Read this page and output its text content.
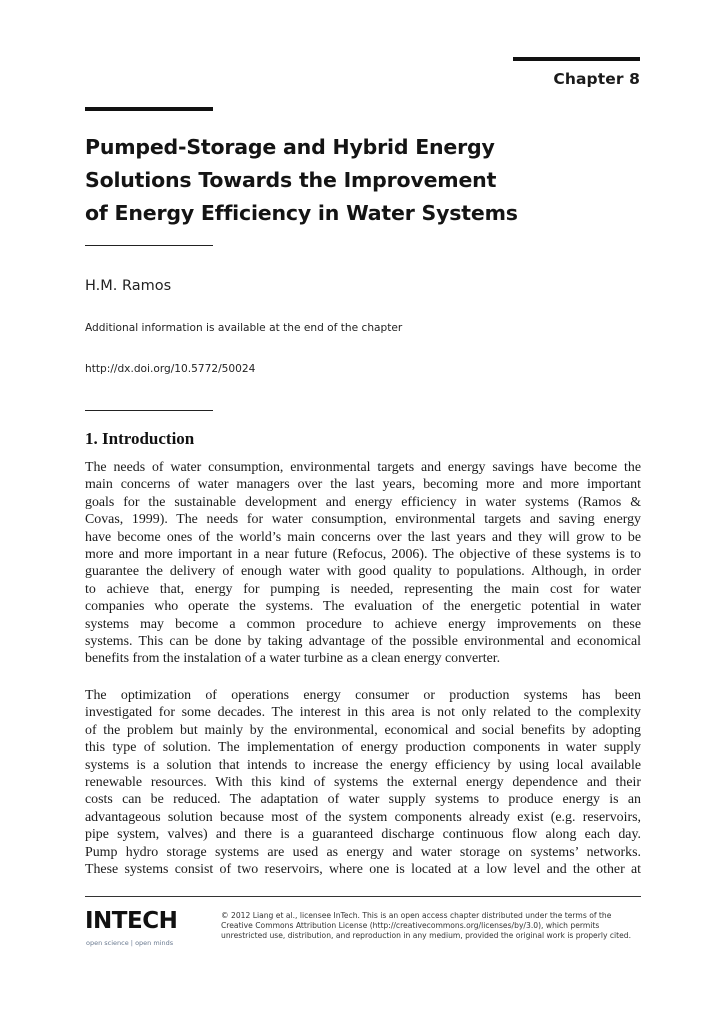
Chapter 8
Pumped-Storage and Hybrid Energy
Solutions Towards the Improvement
of Energy Efficiency in Water Systems
H.M. Ramos
Additional information is available at the end of the chapter
http://dx.doi.org/10.5772/50024
1. Introduction
The needs of water consumption, environmental targets and energy savings have become the
main concerns of water managers over the last years, becoming more and more important
goals for the sustainable development and energy efficiency in water systems (Ramos &
Covas, 1999). The needs for water consumption, environmental targets and saving energy
have become ones of the world’s main concerns over the last years and they will grow to be
more and more important in a near future (Refocus, 2006). The objective of these systems is to
guarantee the delivery of enough water with good quality to populations. Although, in order
to achieve that, energy for pumping is needed, representing the main cost for water
companies who operate the systems. The evaluation of the energetic potential in water
systems may become a common procedure to achieve energy improvements on these
systems. This can be done by taking advantage of the possible environmental and economical
benefits from the instalation of a water turbine as a clean energy converter.
The optimization of operations energy consumer or production systems has been
investigated for some decades. The interest in this area is not only related to the complexity
of the problem but mainly by the environmental, economical and social benefits by adopting
this type of solution. The implementation of energy production components in water supply
systems is a solution that intends to increase the energy efficiency by using local available
renewable resources. With this kind of systems the external energy dependence and their
costs can be reduced. The adaptation of water supply systems to produce energy is an
advantageous solution because most of the system components already exist (e.g. reservoirs,
pipe system, valves) and there is a guaranteed discharge continuous flow along each day.
Pump hydro storage systems are used as energy and water storage on systems’ networks.
These systems consist of two reservoirs, where one is located at a low level and the other at
INTECH
open science | open minds
© 2012 Liang et al., licensee InTech. This is an open access chapter distributed under the terms of the
Creative Commons Attribution License (http://creativecommons.org/licenses/by/3.0), which permits
unrestricted use, distribution, and reproduction in any medium, provided the original work is properly cited.
